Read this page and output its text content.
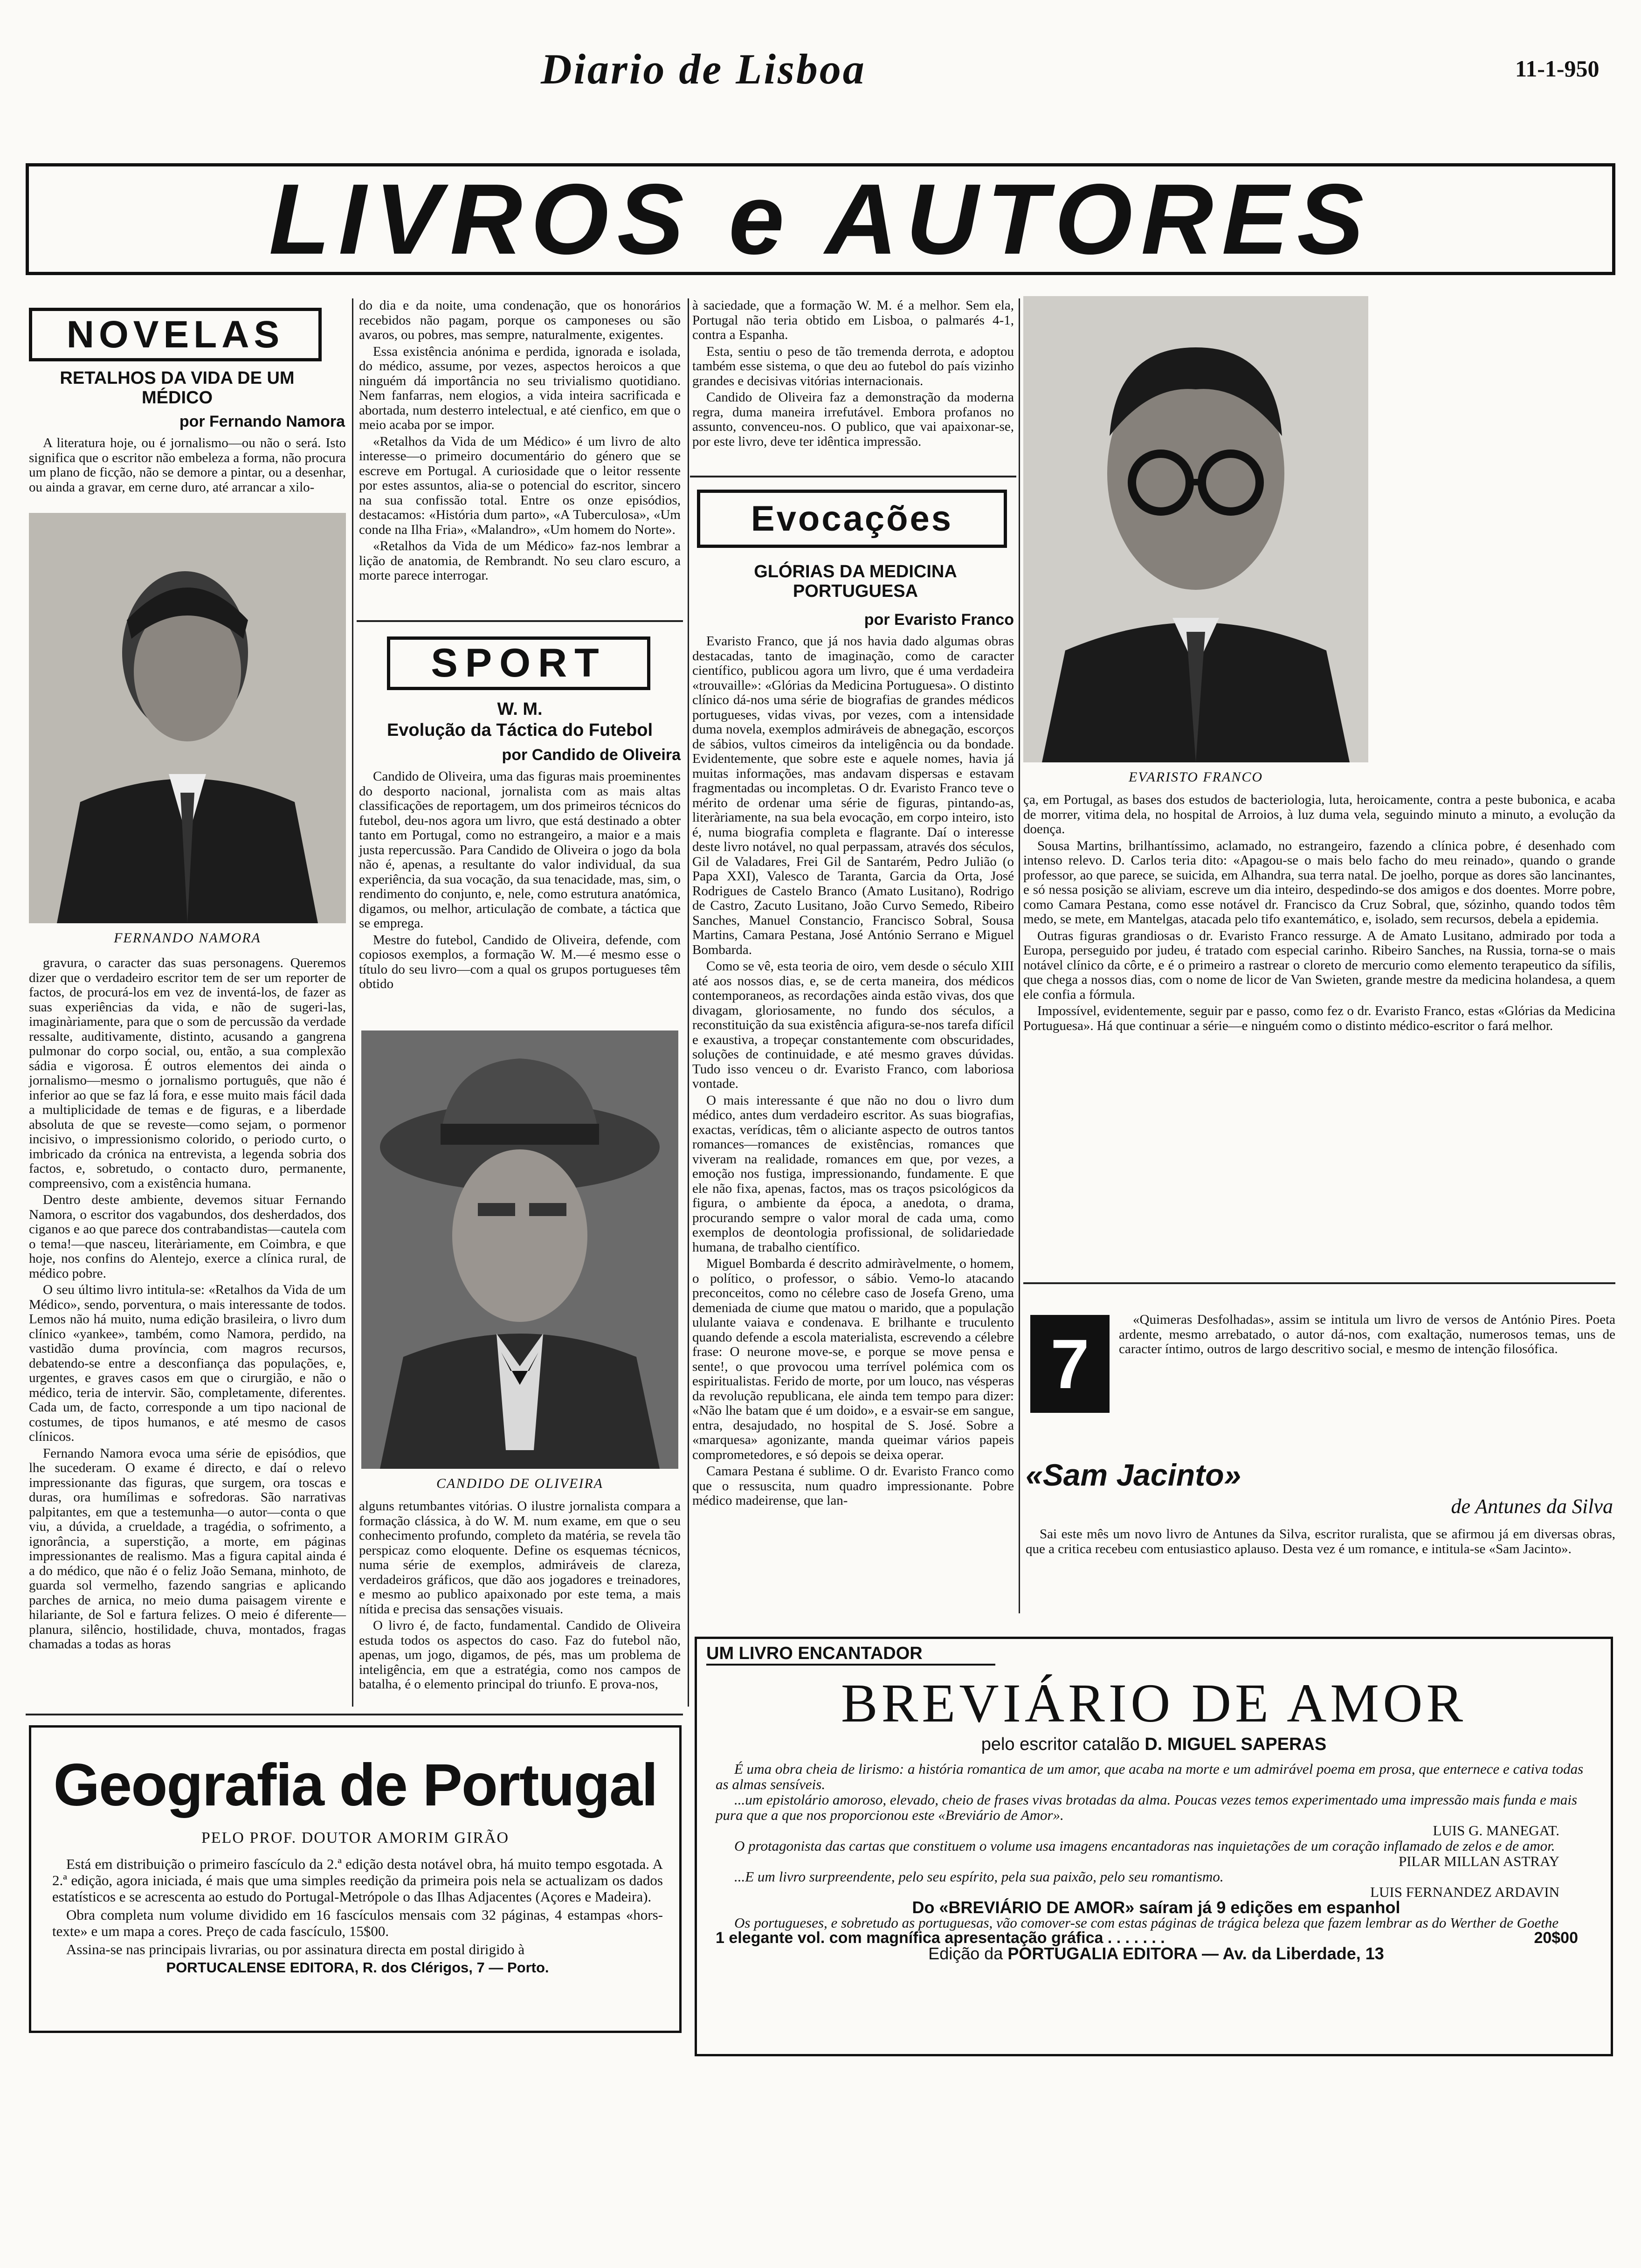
Diario de Lisboa	11-1-950
LIVROS e AUTORES
NOVELAS
RETALHOS DA VIDA DE UM MÉDICO
por Fernando Namora

A literatura hoje, ou é jornalismo—ou não o será. Isto significa que o escritor não embeleza a forma, não procura um plano de ficção, não se demore a pintar, ou a desenhar, ou ainda a gravar, em cerne duro, até arrancar a xilo-

FERNANDO NAMORA

gravura, o caracter das suas personagens. Queremos dizer que o verdadeiro escritor tem de ser um reporter de factos, de procurá-los em vez de inventá-los, de fazer as suas experiências da vida, e não de sugeri-las, imaginàriamente, para que o som de percussão da verdade ressalte, auditivamente, distinto, acusando a gangrena pulmonar do corpo social, ou, então, a sua complexão sádia e vigorosa. É outros elementos dei ainda o jornalismo—mesmo o jornalismo português, que não é inferior ao que se faz lá fora, e esse muito mais fácil dada a multiplicidade de temas e de figuras, e a liberdade absoluta de que se reveste—como sejam, o pormenor incisivo, o impressionismo colorido, o periodo curto, o imbricado da crónica na entrevista, a legenda sobria dos factos, e, sobretudo, o contacto duro, permanente, compreensivo, com a existência humana.

Dentro deste ambiente, devemos situar Fernando Namora, o escritor dos vagabundos, dos desherdados, dos ciganos e ao que parece dos contrabandistas—cautela com o tema!—que nasceu, literàriamente, em Coimbra, e que hoje, nos confins do Alentejo, exerce a clínica rural, de médico pobre.

O seu último livro intitula-se: «Retalhos da Vida de um Médico», sendo, porventura, o mais interessante de todos. Lemos não há muito, numa edição brasileira, o livro dum clínico «yankee», também, como Namora, perdido, na vastidão duma província, com magros recursos, debatendo-se entre a desconfiança das populações, e, urgentes, e graves casos em que o cirurgião, e não o médico, teria de intervir. São, completamente, diferentes. Cada um, de facto, corresponde a um tipo nacional de costumes, de tipos humanos, e até mesmo de casos clínicos.

Fernando Namora evoca uma série de episódios, que lhe sucederam. O exame é directo, e daí o relevo impressionante das figuras, que surgem, ora toscas e duras, ora humílimas e sofredoras. São narrativas palpitantes, em que a testemunha—o autor—conta o que viu, a dúvida, a crueldade, a tragédia, o sofrimento, a ignorância, a superstição, a morte, em páginas impressionantes de realismo. Mas a figura capital ainda é a do médico, que não é o feliz João Semana, minhoto, de guarda sol vermelho, fazendo sangrias e aplicando parches de arnica, no meio duma paisagem virente e hilariante, de Sol e fartura felizes. O meio é diferente—planura, silêncio, hostilidade, chuva, montados, fragas chamadas a todas as horas

do dia e da noite, uma condenação, que os honorários recebidos não pagam, porque os camponeses ou são avaros, ou pobres, mas sempre, naturalmente, exigentes.

Essa existência anónima e perdida, ignorada e isolada, do médico, assume, por vezes, aspectos heroicos a que ninguém dá importância no seu trivialismo quotidiano. Nem fanfarras, nem elogios, a vida inteira sacrificada e abortada, num desterro intelectual, e até cienfico, em que o meio acaba por se impor.

«Retalhos da Vida de um Médico» é um livro de alto interesse—o primeiro documentário do género que se escreve em Portugal. A curiosidade que o leitor ressente por estes assuntos, alia-se o potencial do escritor, sincero na sua confissão total. Entre os onze episódios, destacamos: «História dum parto», «A Tuberculosa», «Um conde na Ilha Fria», «Malandro», «Um homem do Norte».

«Retalhos da Vida de um Médico» faz-nos lembrar a lição de anatomia, de Rembrandt. No seu claro escuro, a morte parece interrogar.

SPORT
W. M.
Evolução da Táctica do Futebol
por Candido de Oliveira

Candido de Oliveira, uma das figuras mais proeminentes do desporto nacional, jornalista com as mais altas classificações de reportagem, um dos primeiros técnicos do futebol, deu-nos agora um livro, que está destinado a obter tanto em Portugal, como no estrangeiro, a maior e a mais justa repercussão. Para Candido de Oliveira o jogo da bola não é, apenas, a resultante do valor individual, da sua experiência, da sua vocação, da sua tenacidade, mas, sim, o rendimento do conjunto, e, nele, como estrutura anatómica, digamos, ou melhor, articulação de combate, a táctica que se emprega.

Mestre do futebol, Candido de Oliveira, defende, com copiosos exemplos, a formação W. M.—é mesmo esse o título do seu livro—com a qual os grupos portugueses têm obtido

CANDIDO DE OLIVEIRA

alguns retumbantes vitórias. O ilustre jornalista compara a formação clássica, à do W. M. num exame, em que o seu conhecimento profundo, completo da matéria, se revela tão perspicaz como eloquente. Define os esquemas técnicos, numa série de exemplos, admiráveis de clareza, verdadeiros gráficos, que dão aos jogadores e treinadores, e mesmo ao publico apaixonado por este tema, a mais nítida e precisa das sensações visuais.

O livro é, de facto, fundamental. Candido de Oliveira estuda todos os aspectos do caso. Faz do futebol não, apenas, um jogo, digamos, de pés, mas um problema de inteligência, em que a estratégia, como nos campos de batalha, é o elemento principal do triunfo. E prova-nos,

à saciedade, que a formação W. M. é a melhor. Sem ela, Portugal não teria obtido em Lisboa, o palmarés 4-1, contra a Espanha.

Esta, sentiu o peso de tão tremenda derrota, e adoptou também esse sistema, o que deu ao futebol do país vizinho grandes e decisivas vitórias internacionais.

Candido de Oliveira faz a demonstração da moderna regra, duma maneira irrefutável. Embora profanos no assunto, convenceu-nos. O publico, que vai apaixonar-se, por este livro, deve ter idêntica impressão.

Evocações
GLÓRIAS DA MEDICINA PORTUGUESA
por Evaristo Franco

Evaristo Franco, que já nos havia dado algumas obras destacadas, tanto de imaginação, como de caracter científico, publicou agora um livro, que é uma verdadeira «trouvaille»: «Glórias da Medicina Portuguesa». O distinto clínico dá-nos uma série de biografias de grandes médicos portugueses, vidas vivas, por vezes, com a intensidade duma novela, exemplos admiráveis de abnegação, escorços de sábios, vultos cimeiros da inteligência ou da bondade. Evidentemente, que sobre este e aquele nomes, havia já muitas informações, mas andavam dispersas e estavam fragmentadas ou incompletas. O dr. Evaristo Franco teve o mérito de ordenar uma série de figuras, pintando-as, literàriamente, na sua bela evocação, em corpo inteiro, isto é, numa biografia completa e flagrante. Daí o interesse deste livro notável, no qual perpassam, através dos séculos, Gil de Valadares, Frei Gil de Santarém, Pedro Julião (o Papa XXI), Valesco de Taranta, Garcia da Orta, José Rodrigues de Castelo Branco (Amato Lusitano), Rodrigo de Castro, Zacuto Lusitano, João Curvo Semedo, Ribeiro Sanches, Manuel Constancio, Francisco Sobral, Sousa Martins, Camara Pestana, José António Serrano e Miguel Bombarda.

Como se vê, esta teoria de oiro, vem desde o século XIII até aos nossos dias, e, se de certa maneira, dos médicos contemporaneos, as recordações ainda estão vivas, dos que divagam, gloriosamente, no fundo dos séculos, a reconstituição da sua existência afigura-se-nos tarefa difícil e exaustiva, a tropeçar constantemente com obscuridades, soluções de continuidade, e até mesmo graves dúvidas. Tudo isso venceu o dr. Evaristo Franco, com laboriosa vontade.

O mais interessante é que não no dou o livro dum médico, antes dum verdadeiro escritor. As suas biografias, exactas, verídicas, têm o aliciante aspecto de outros tantos romances—romances de existências, romances que viveram na realidade, romances em que, por vezes, a emoção nos fustiga, impressionando, fundamente. E que ele não fixa, apenas, factos, mas os traços psicológicos da figura, o ambiente da época, a anedota, o drama, procurando sempre o valor moral de cada uma, como exemplos de deontologia profissional, de solidariedade humana, de trabalho científico.

Miguel Bombarda é descrito admiràvelmente, o homem, o político, o professor, o sábio. Vemo-lo atacando preconceitos, como no célebre caso de Josefa Greno, uma demeniada de ciume que matou o marido, que a população ululante vaiava e condenava. E brilhante e truculento quando defende a escola materialista, escrevendo a célebre frase: O neurone move-se, e porque se move pensa e sente!, o que provocou uma terrível polémica com os espiritualistas. Ferido de morte, por um louco, nas vésperas da revolução republicana, ele ainda tem tempo para dizer: «Não lhe batam que é um doido», e a esvair-se em sangue, entra, desajudado, no hospital de S. José. Sobre a «marquesa» agonizante, manda queimar vários papeis comprometedores, e só depois se deixa operar.

Camara Pestana é sublime. O dr. Evaristo Franco como que o ressuscita, num quadro impressionante. Pobre médico madeirense, que lan-

EVARISTO FRANCO

ça, em Portugal, as bases dos estudos de bacteriologia, luta, heroicamente, contra a peste bubonica, e acaba de morrer, vitima dela, no hospital de Arroios, à luz duma vela, seguindo minuto a minuto, a evolução da doença.

Sousa Martins, brilhantíssimo, aclamado, no estrangeiro, fazendo a clínica pobre, é desenhado com intenso relevo. D. Carlos teria dito: «Apagou-se o mais belo facho do meu reinado», quando o grande professor, ao que parece, se suicida, em Alhandra, sua terra natal. De joelho, porque as dores são lancinantes, e só nessa posição se aliviam, escreve um dia inteiro, despedindo-se dos amigos e dos doentes. Morre pobre, como Camara Pestana, como esse notável dr. Francisco da Cruz Sobral, que, sózinho, quando todos têm medo, se mete, em Mantelgas, atacada pelo tifo exantemático, e, isolado, sem recursos, debela a epidemia.

Outras figuras grandiosas o dr. Evaristo Franco ressurge. A de Amato Lusitano, admirado por toda a Europa, perseguido por judeu, é tratado com especial carinho. Ribeiro Sanches, na Russia, torna-se o mais notável clínico da côrte, e é o primeiro a rastrear o cloreto de mercurio como elemento terapeutico da sífilis, que chega a nossos dias, com o nome de licor de Van Swieten, grande mestre da medicina holandesa, a quem ele confia a fórmula.

Impossível, evidentemente, seguir par e passo, como fez o dr. Evaristo Franco, estas «Glórias da Medicina Portuguesa». Há que continuar a série—e ninguém como o distinto médico-escritor o fará melhor.

7

«Quimeras Desfolhadas», assim se intitula um livro de versos de António Pires. Poeta ardente, mesmo arrebatado, o autor dá-nos, com exaltação, numerosos temas, uns de caracter íntimo, outros de largo descritivo social, e mesmo de intenção filosófica.

«Sam Jacinto»
de Antunes da Silva

Sai este mês um novo livro de Antunes da Silva, escritor ruralista, que se afirmou já em diversas obras, que a critica recebeu com entusiastico aplauso. Desta vez é um romance, e intitula-se «Sam Jacinto».

Geografia de Portugal
PELO PROF. DOUTOR AMORIM GIRÃO

Está em distribuição o primeiro fascículo da 2.ª edição desta notável obra, há muito tempo esgotada. A 2.ª edição, agora iniciada, é mais que uma simples reedição da primeira pois nela se actualizam os dados estatísticos e se acrescenta ao estudo do Portugal-Metrópole o das Ilhas Adjacentes (Açores e Madeira).

Obra completa num volume dividido em 16 fascículos mensais com 32 páginas, 4 estampas «hors-texte» e um mapa a cores. Preço de cada fascículo, 15$00.

Assina-se nas principais livrarias, ou por assinatura directa em postal dirigido à

PORTUCALENSE EDITORA, R. dos Clérigos, 7 — Porto.

UM LIVRO ENCANTADOR
BREVIÁRIO DE AMOR
pelo escritor catalão D. MIGUEL SAPERAS
É uma obra cheia de lirismo: a história romantica de um amor, que acaba na morte e um admirável poema em prosa, que enternece e cativa todas as almas sensíveis.
...um epistolário amoroso, elevado, cheio de frases vivas brotadas da alma. Poucas vezes temos experimentado uma impressão mais funda e mais pura que a que nos proporcionou este «Breviário de Amor».
LUIS G. MANEGAT.
O protagonista das cartas que constituem o volume usa imagens encantadoras nas inquietações de um coração inflamado de zelos e de amor.
PILAR MILLAN ASTRAY
...E um livro surpreendente, pelo seu espírito, pela sua paixão, pelo seu romantismo.
LUIS FERNANDEZ ARDAVIN
Do «BREVIÁRIO DE AMOR» saíram já 9 edições em espanhol
Os portugueses, e sobretudo as portuguesas, vão comover-se com estas páginas de trágica beleza que fazem lembrar as do Werther de Goethe
1 elegante vol. com magnífica apresentação gráfica . . . . . . .	20$00
Edição da PORTUGALIA EDITORA — Av. da Liberdade, 13
